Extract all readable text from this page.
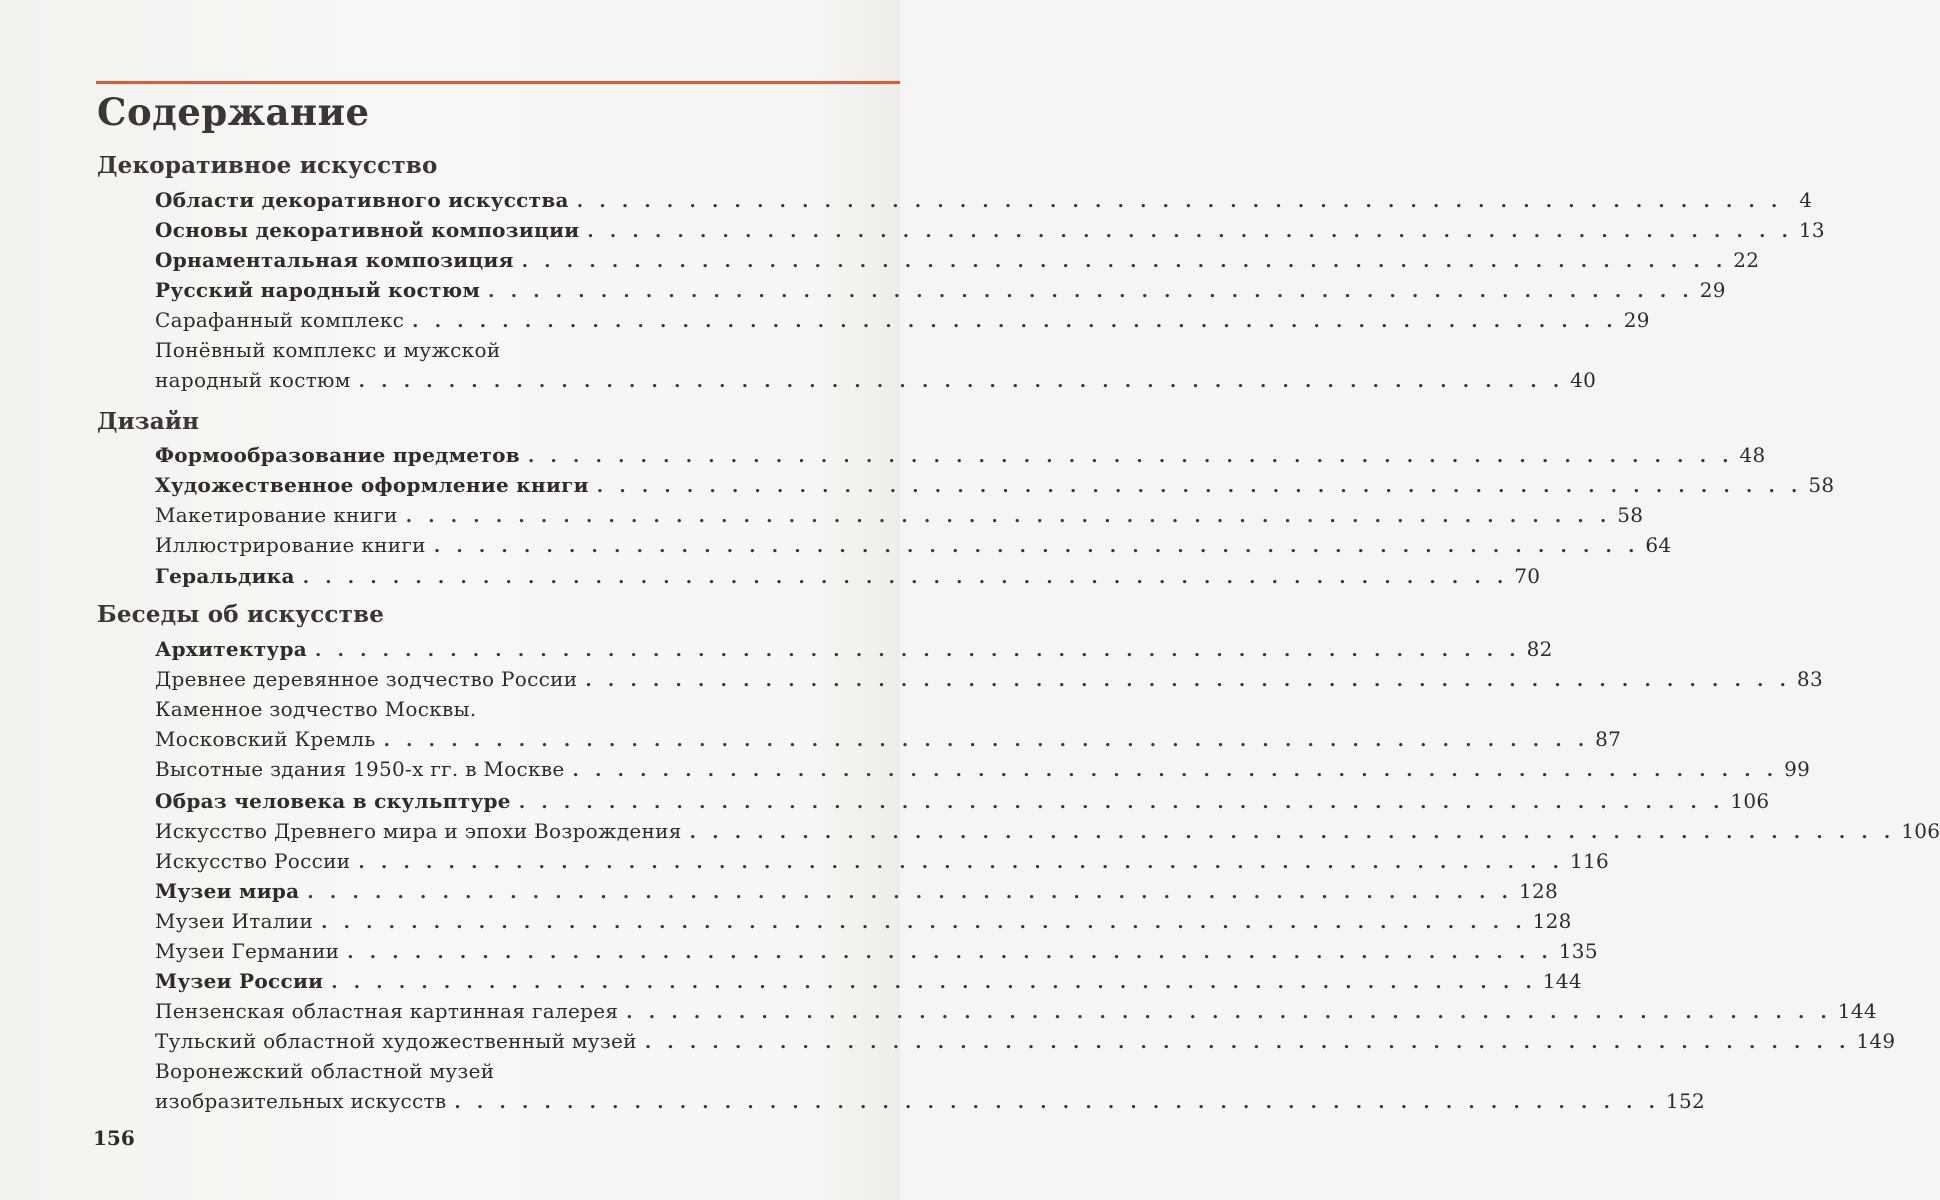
Содержание
Декоративное искусство
Области декоративного искусства . . . . . . . . . . . . . . . . . . . . . . . . . . . . . . . . . . . . . . . . . . . . . . . . . . . . . . 4
Основы декоративной композиции . . . . . . . . . . . . . . . . . . . . . . . . . . . . . . . . . . . . . . . . . . . . . . . . . . . . . . 13
Орнаментальная композиция . . . . . . . . . . . . . . . . . . . . . . . . . . . . . . . . . . . . . . . . . . . . . . . . . . . . . . 22
Русский народный костюм . . . . . . . . . . . . . . . . . . . . . . . . . . . . . . . . . . . . . . . . . . . . . . . . . . . . . . 29
Сарафанный комплекс . . . . . . . . . . . . . . . . . . . . . . . . . . . . . . . . . . . . . . . . . . . . . . . . . . . . . . 29
Понёвный комплекс и мужской
народный костюм . . . . . . . . . . . . . . . . . . . . . . . . . . . . . . . . . . . . . . . . . . . . . . . . . . . . . . 40
Дизайн
Формообразование предметов . . . . . . . . . . . . . . . . . . . . . . . . . . . . . . . . . . . . . . . . . . . . . . . . . . . . . . 48
Художественное оформление книги . . . . . . . . . . . . . . . . . . . . . . . . . . . . . . . . . . . . . . . . . . . . . . . . . . . . . . 58
Макетирование книги . . . . . . . . . . . . . . . . . . . . . . . . . . . . . . . . . . . . . . . . . . . . . . . . . . . . . . 58
Иллюстрирование книги . . . . . . . . . . . . . . . . . . . . . . . . . . . . . . . . . . . . . . . . . . . . . . . . . . . . . . 64
Геральдика . . . . . . . . . . . . . . . . . . . . . . . . . . . . . . . . . . . . . . . . . . . . . . . . . . . . . . 70
Беседы об искусстве
Архитектура . . . . . . . . . . . . . . . . . . . . . . . . . . . . . . . . . . . . . . . . . . . . . . . . . . . . . . 82
Древнее деревянное зодчество России . . . . . . . . . . . . . . . . . . . . . . . . . . . . . . . . . . . . . . . . . . . . . . . . . . . . . . 83
Каменное зодчество Москвы.
Московский Кремль . . . . . . . . . . . . . . . . . . . . . . . . . . . . . . . . . . . . . . . . . . . . . . . . . . . . . . 87
Высотные здания 1950-х гг. в Москве . . . . . . . . . . . . . . . . . . . . . . . . . . . . . . . . . . . . . . . . . . . . . . . . . . . . . . 99
Образ человека в скульптуре . . . . . . . . . . . . . . . . . . . . . . . . . . . . . . . . . . . . . . . . . . . . . . . . . . . . . . 106
Искусство Древнего мира и эпохи Возрождения . . . . . . . . . . . . . . . . . . . . . . . . . . . . . . . . . . . . . . . . . . . . . . . . . . . . . . 106
Искусство России . . . . . . . . . . . . . . . . . . . . . . . . . . . . . . . . . . . . . . . . . . . . . . . . . . . . . . 116
Музеи мира . . . . . . . . . . . . . . . . . . . . . . . . . . . . . . . . . . . . . . . . . . . . . . . . . . . . . . 128
Музеи Италии . . . . . . . . . . . . . . . . . . . . . . . . . . . . . . . . . . . . . . . . . . . . . . . . . . . . . . 128
Музеи Германии . . . . . . . . . . . . . . . . . . . . . . . . . . . . . . . . . . . . . . . . . . . . . . . . . . . . . . 135
Музеи России . . . . . . . . . . . . . . . . . . . . . . . . . . . . . . . . . . . . . . . . . . . . . . . . . . . . . . 144
Пензенская областная картинная галерея . . . . . . . . . . . . . . . . . . . . . . . . . . . . . . . . . . . . . . . . . . . . . . . . . . . . . . 144
Тульский областной художественный музей . . . . . . . . . . . . . . . . . . . . . . . . . . . . . . . . . . . . . . . . . . . . . . . . . . . . . . 149
Воронежский областной музей
изобразительных искусств . . . . . . . . . . . . . . . . . . . . . . . . . . . . . . . . . . . . . . . . . . . . . . . . . . . . . . 152
156
